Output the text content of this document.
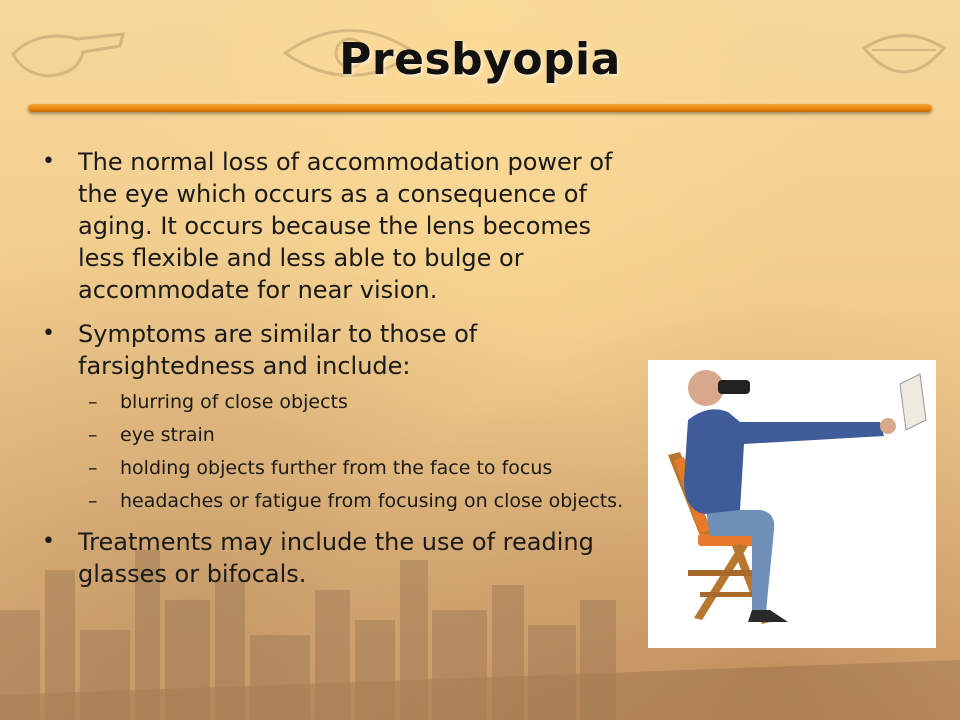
Presbyopia
• The normal loss of accommodation power of the eye which occurs as a consequence of aging. It occurs because the lens becomes less flexible and less able to bulge or accommodate for near vision.
• Symptoms are similar to those of farsightedness and include:
– blurring of close objects
– eye strain
– holding objects further from the face to focus
– headaches or fatigue from focusing on close objects.
• Treatments may include the use of reading glasses or bifocals.
